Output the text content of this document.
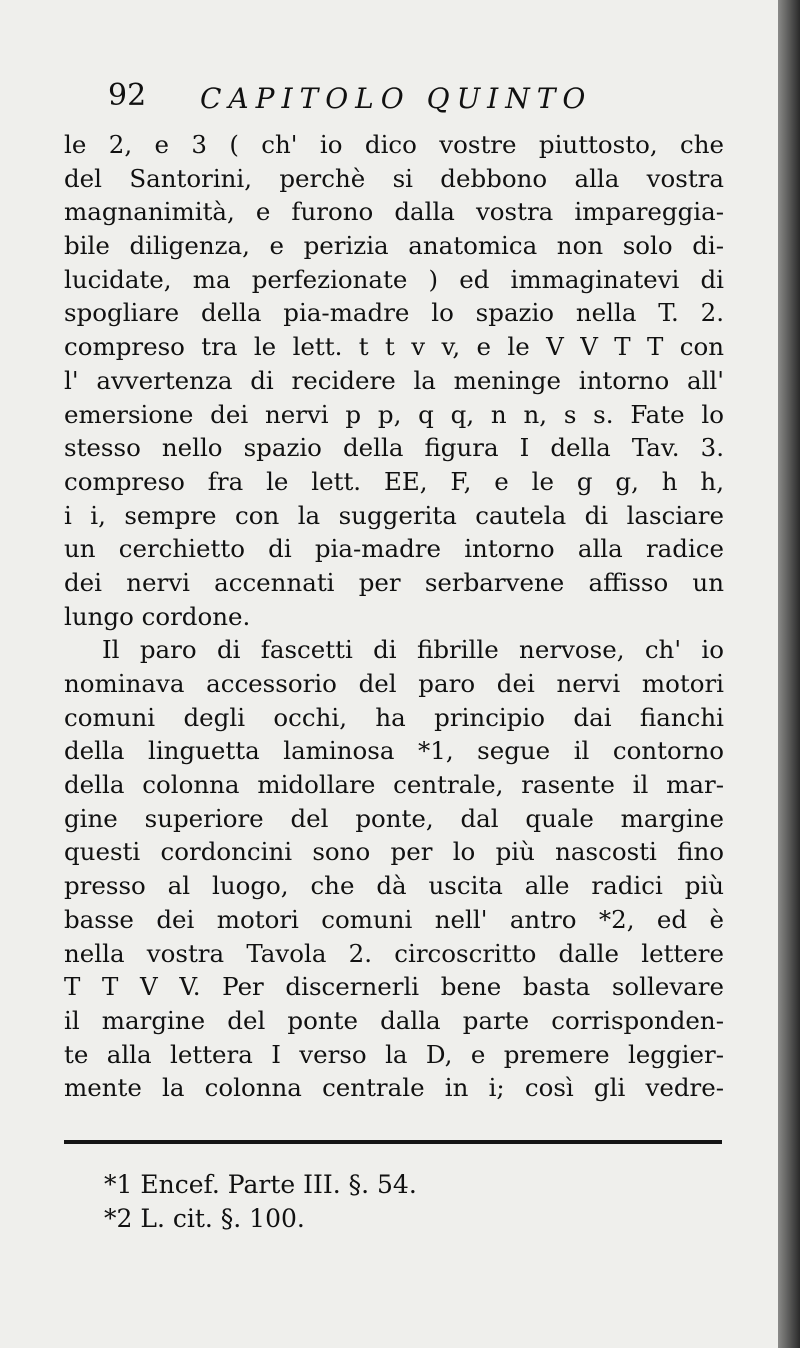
92 CAPITOLO QUINTO
le 2, e 3 ( ch' io dico vostre piuttosto, che
del Santorini, perchè si debbono alla vostra
magnanimità, e furono dalla vostra impareggia-
bile diligenza, e perizia anatomica non solo di-
lucidate, ma perfezionate ) ed immaginatevi di
spogliare della pia-madre lo spazio nella T. 2.
compreso tra le lett. t t v v, e le V V T T con
l' avvertenza di recidere la meninge intorno all'
emersione dei nervi p p, q q, n n, s s. Fate lo
stesso nello spazio della figura I della Tav. 3.
compreso fra le lett. EE, F, e le g g, h h,
i i, sempre con la suggerita cautela di lasciare
un cerchietto di pia-madre intorno alla radice
dei nervi accennati per serbarvene affisso un
lungo cordone.
Il paro di fascetti di fibrille nervose, ch' io
nominava accessorio del paro dei nervi motori
comuni degli occhi, ha principio dai fianchi
della linguetta laminosa *1, segue il contorno
della colonna midollare centrale, rasente il mar-
gine superiore del ponte, dal quale margine
questi cordoncini sono per lo più nascosti fino
presso al luogo, che dà uscita alle radici più
basse dei motori comuni nell' antro *2, ed è
nella vostra Tavola 2. circoscritto dalle lettere
T T V V. Per discernerli bene basta sollevare
il margine del ponte dalla parte corrisponden-
te alla lettera I verso la D, e premere leggier-
mente la colonna centrale in i; così gli vedre-
*1 Encef. Parte III. §. 54.
*2 L. cit. §. 100.
